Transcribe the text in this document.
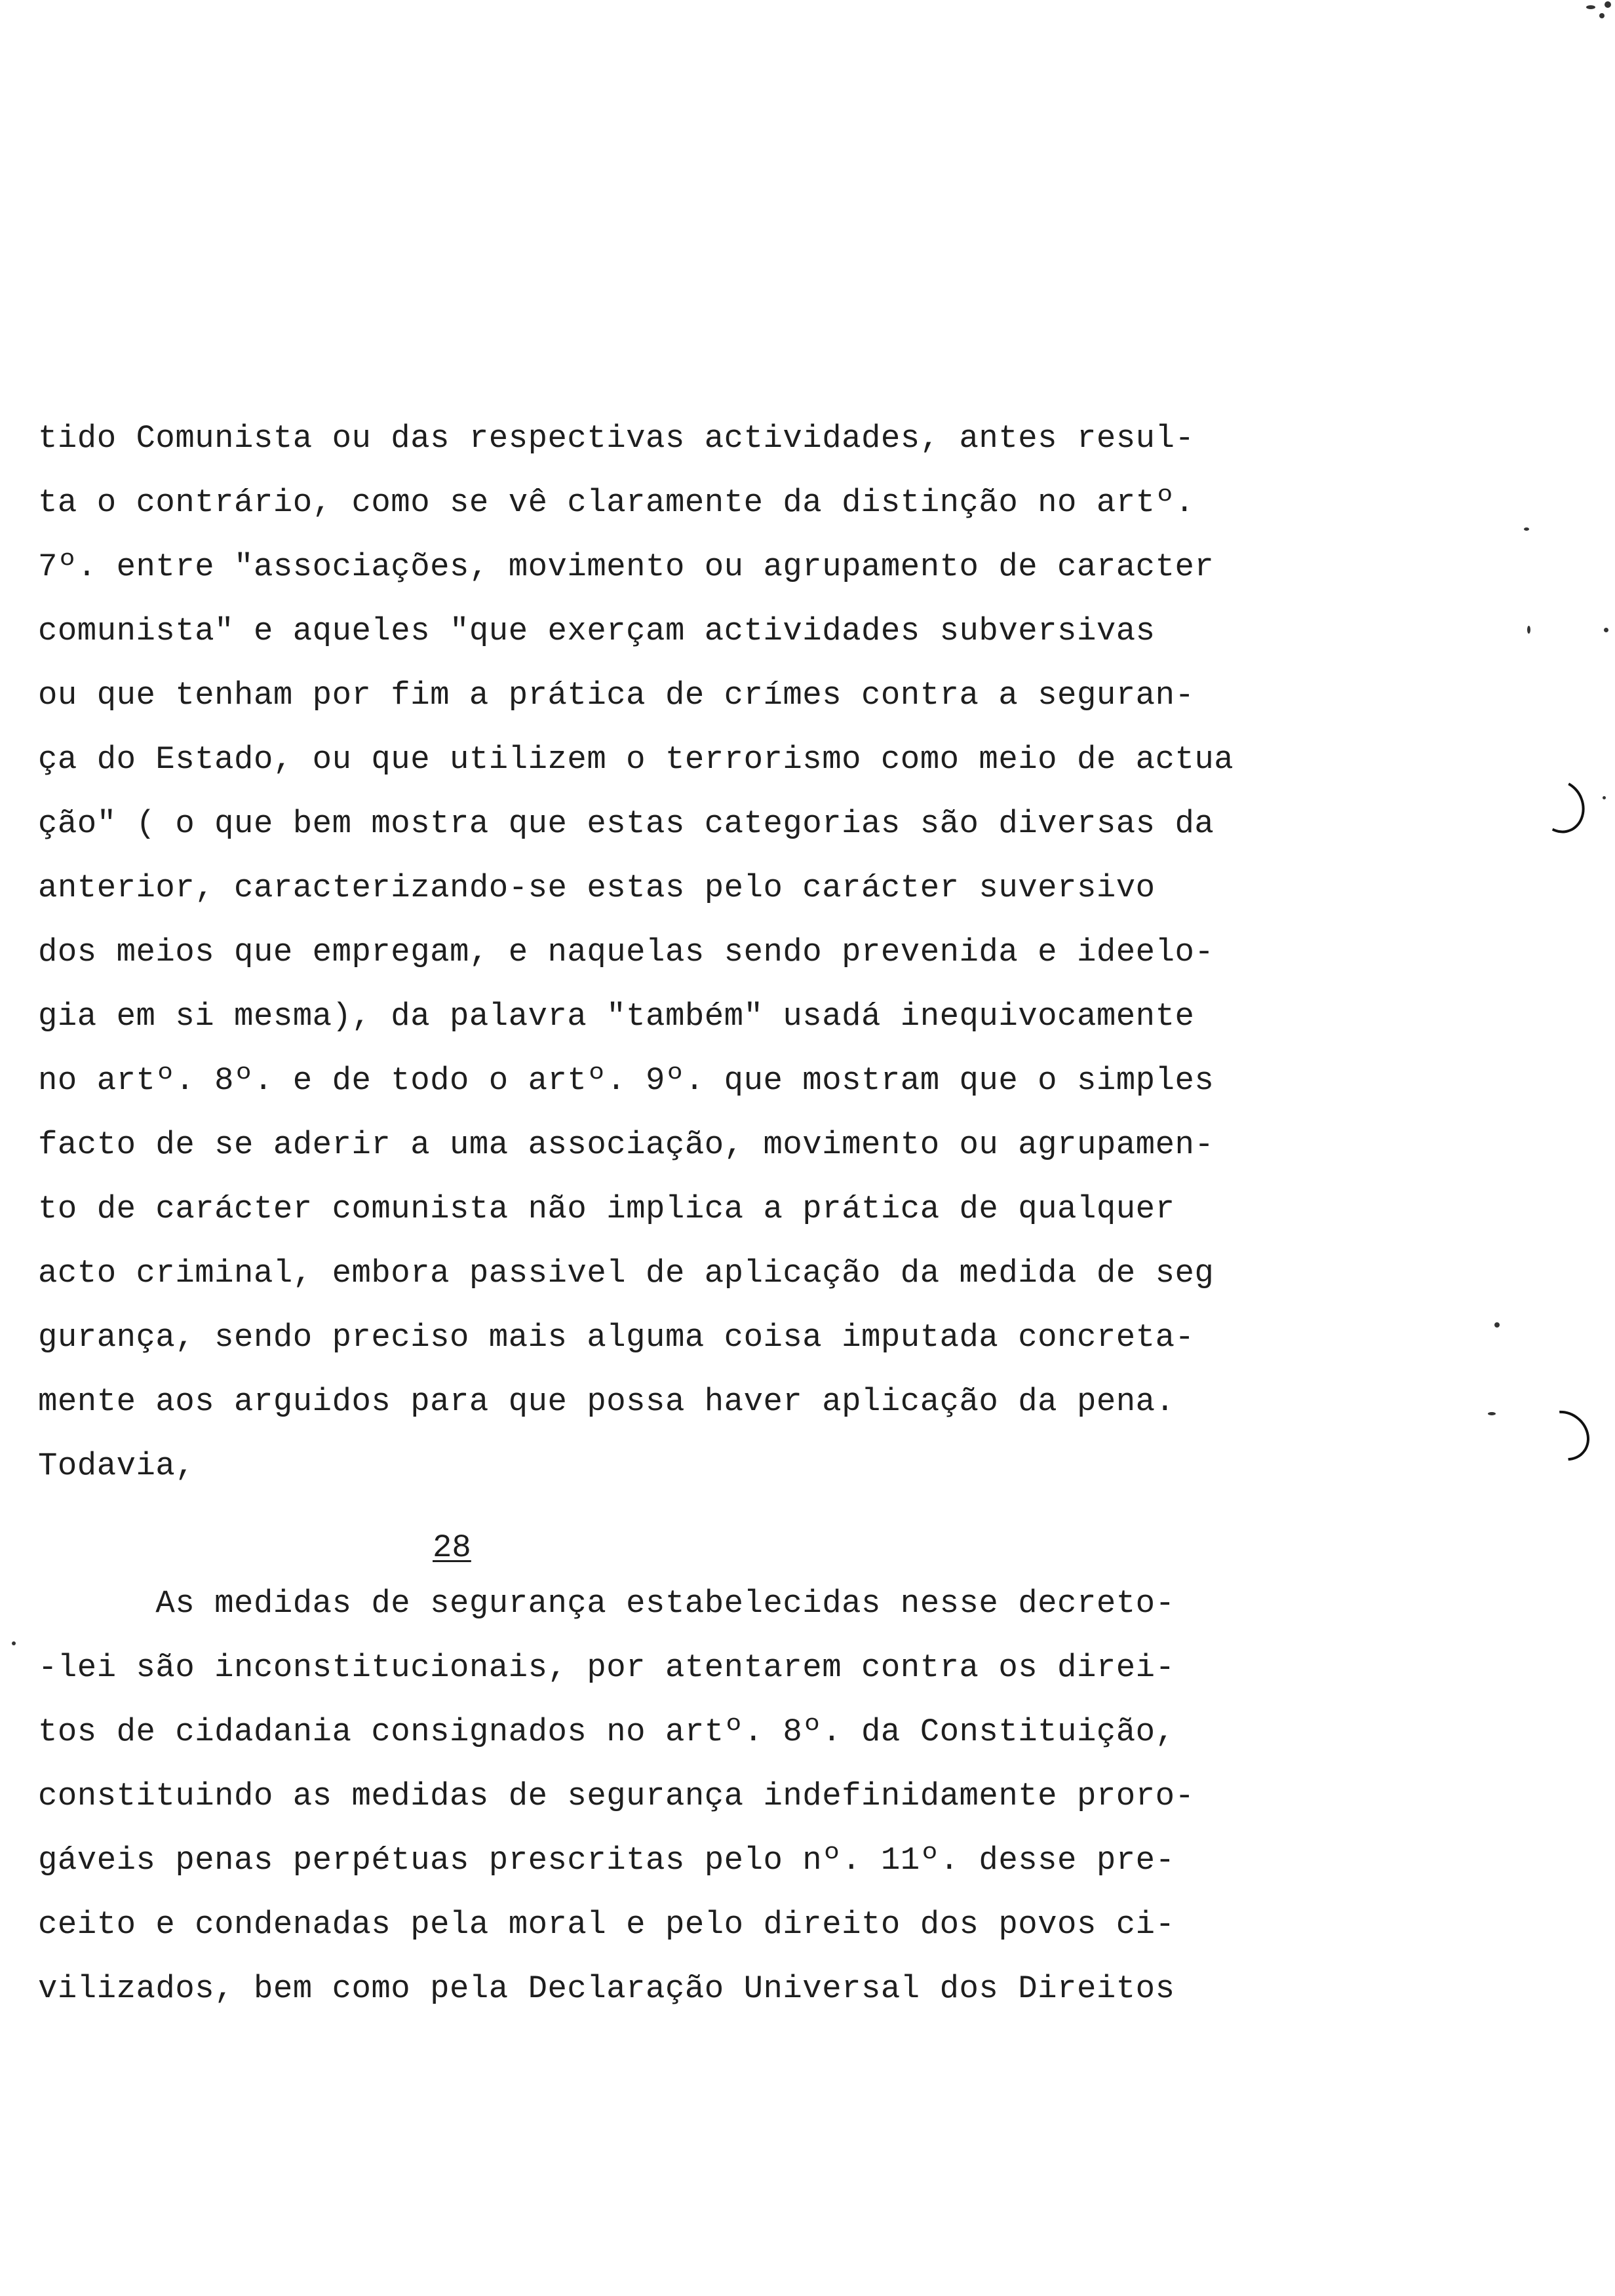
tido Comunista ou das respectivas actividades, antes resul-
ta o contrário, como se vê claramente da distinção no artº.
7º. entre "associações, movimento ou agrupamento de caracter
comunista" e aqueles "que exerçam actividades subversivas
ou que tenham por fim a prática de crímes contra a seguran-
ça do Estado, ou que utilizem o terrorismo como meio de actua
ção" ( o que bem mostra que estas categorias são diversas da
anterior, caracterizando-se estas pelo carácter suversivo
dos meios que empregam, e naquelas sendo prevenida e ideelo-
gia em si mesma), da palavra "também" usadá inequivocamente
no artº. 8º. e de todo o artº. 9º. que mostram que o simples
facto de se aderir a uma associação, movimento ou agrupamen-
to de carácter comunista não implica a prática de qualquer
acto criminal, embora passivel de aplicação da medida de seg
gurança, sendo preciso mais alguma coisa imputada concreta-
mente aos arguidos para que possa haver aplicação da pena.
Todavia,
28
As medidas de segurança estabelecidas nesse decreto-
-lei são inconstitucionais, por atentarem contra os direi-
tos de cidadania consignados no artº. 8º. da Constituição,
constituindo as medidas de segurança indefinidamente proro-
gáveis penas perpétuas prescritas pelo nº. 11º. desse pre-
ceito e condenadas pela moral e pelo direito dos povos ci-
vilizados, bem como pela Declaração Universal dos Direitos
